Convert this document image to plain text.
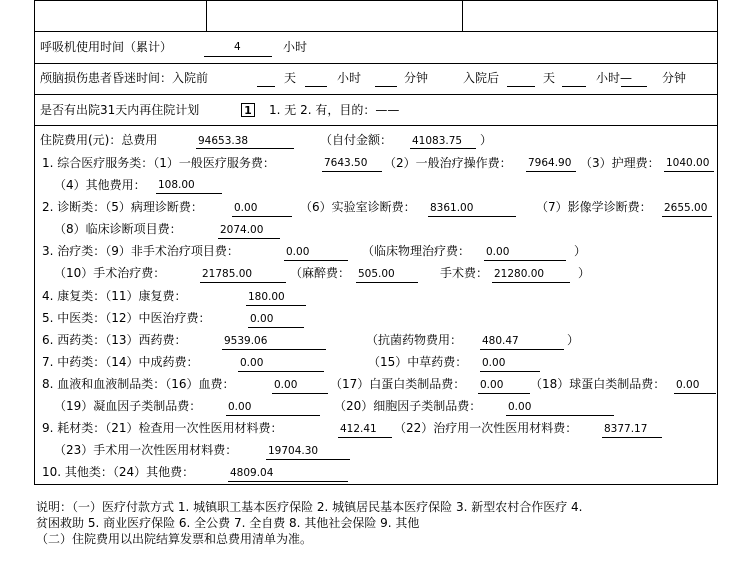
呼吸机使用时间（累计）	4	小时
颅脑损伤患者昏迷时间：入院前	天	小时	分钟	入院后	天	小时— 分钟
是否有出院31天内再住院计划	1 1. 无 2. 有，目的：——
住院费用(元)：总费用	94653.38	（自付金额： 41083.75 ）
1. 综合医疗服务类：（1）一般医疗服务费：	7643.50 （2）一般治疗操作费： 7964.90 （3）护理费： 1040.00
（4）其他费用： 108.00
2. 诊断类：（5）病理诊断费：	0.00	（6）实验室诊断费： 8361.00	（7）影像学诊断费： 2655.00
（8）临床诊断项目费：	2074.00
3. 治疗类：（9）非手术治疗项目费：	0.00	（临床物理治疗费： 0.00	）
（10）手术治疗费：	21785.00	（麻醉费： 505.00	手术费： 21280.00	）
4. 康复类：（11）康复费：	180.00
5. 中医类：（12）中医治疗费：	0.00
6. 西药类：（13）西药费：	9539.06	（抗菌药物费用： 480.47	）
7. 中药类：（14）中成药费：	0.00	（15）中草药费： 0.00
8. 血液和血液制品类：（16）血费：	0.00	（17）白蛋白类制品费： 0.00 （18）球蛋白类制品费： 0.00
（19）凝血因子类制品费：	0.00	（20）细胞因子类制品费：	0.00
9. 耗材类：（21）检查用一次性医用材料费：	412.41 （22）治疗用一次性医用材料费：	8377.17
（23）手术用一次性医用材料费：	19704.30
10. 其他类：（24）其他费：	4809.04
说明：（一）医疗付款方式 1. 城镇职工基本医疗保险 2. 城镇居民基本医疗保险 3. 新型农村合作医疗 4.
贫困救助 5. 商业医疗保险 6. 全公费 7. 全自费 8. 其他社会保险 9. 其他
（二）住院费用以出院结算发票和总费用清单为准。
